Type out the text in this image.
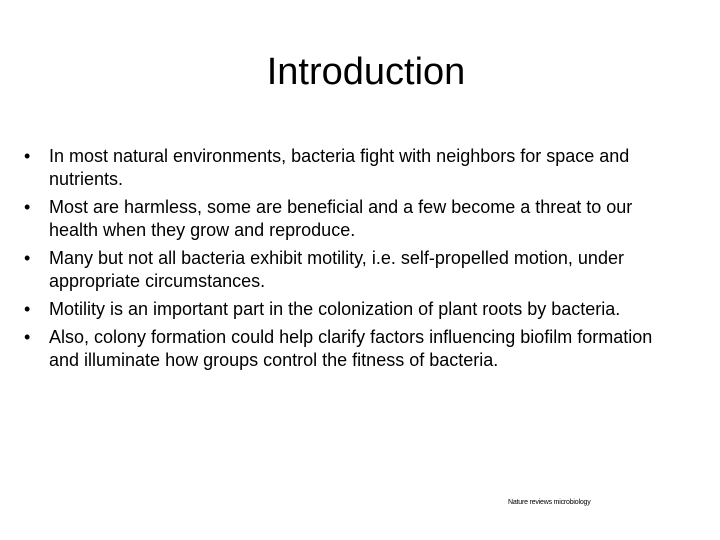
Introduction
•	In most natural environments, bacteria fight with neighbors for space and nutrients.
•	Most are harmless, some are beneficial and a few become a threat to our health when they grow and reproduce.
•	Many but not all bacteria exhibit motility, i.e. self-propelled motion, under appropriate circumstances.
•	Motility is an important part in the colonization of plant roots by bacteria.
•	Also, colony formation could help clarify factors influencing biofilm formation and illuminate how groups control the fitness of bacteria.
Nature reviews microbiology
